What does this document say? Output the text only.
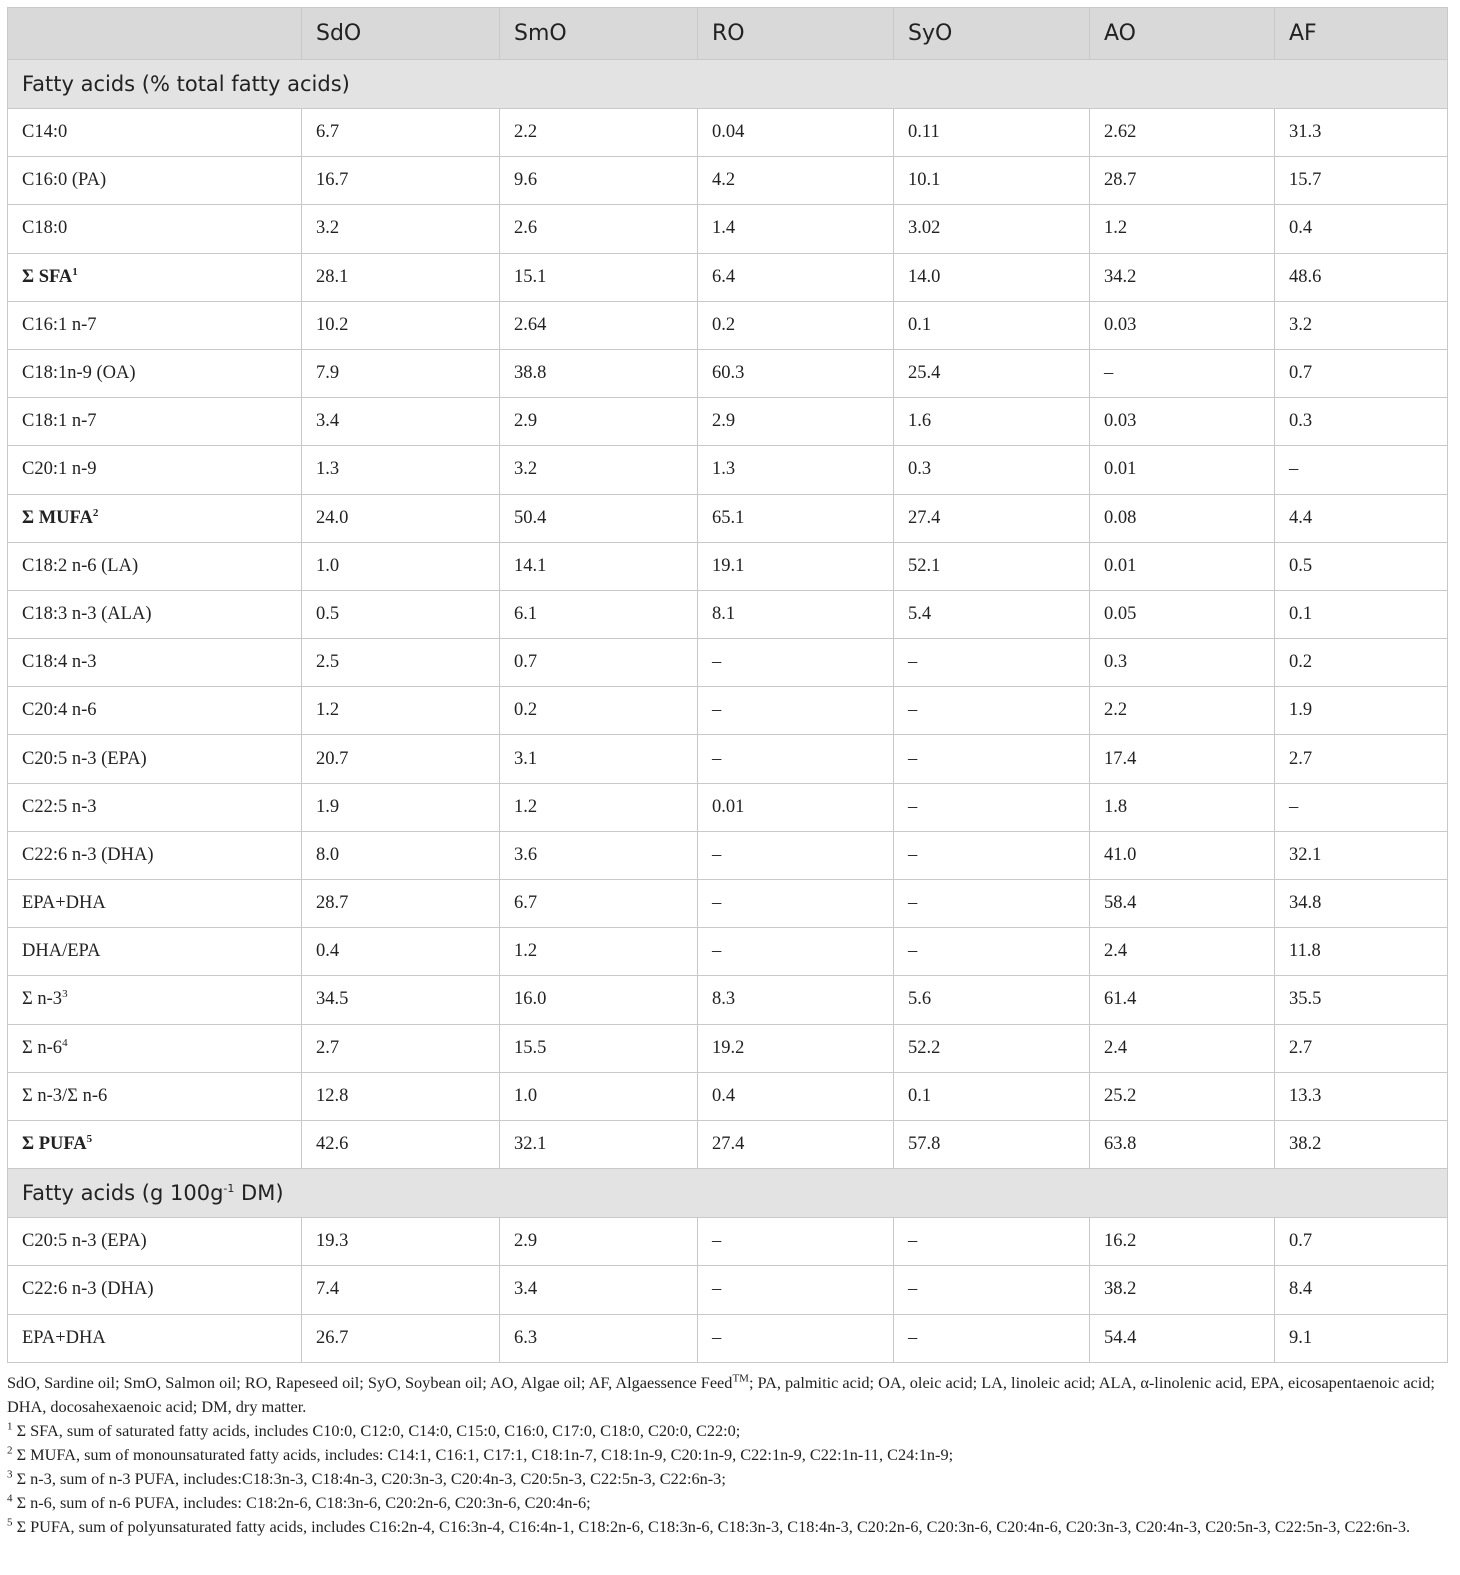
	SdO	SmO	RO	SyO	AO	AF
Fatty acids (% total fatty acids)						
C14:0	6.7	2.2	0.04	0.11	2.62	31.3
C16:0 (PA)	16.7	9.6	4.2	10.1	28.7	15.7
C18:0	3.2	2.6	1.4	3.02	1.2	0.4
Σ SFA$^1$	28.1	15.1	6.4	14.0	34.2	48.6
C16:1 n-7	10.2	2.64	0.2	0.1	0.03	3.2
C18:1n-9 (OA)	7.9	38.8	60.3	25.4	–	0.7
C18:1 n-7	3.4	2.9	2.9	1.6	0.03	0.3
C20:1 n-9	1.3	3.2	1.3	0.3	0.01	–
Σ MUFA$^2$	24.0	50.4	65.1	27.4	0.08	4.4
C18:2 n-6 (LA)	1.0	14.1	19.1	52.1	0.01	0.5
C18:3 n-3 (ALA)	0.5	6.1	8.1	5.4	0.05	0.1
C18:4 n-3	2.5	0.7	–	–	0.3	0.2
C20:4 n-6	1.2	0.2	–	–	2.2	1.9
C20:5 n-3 (EPA)	20.7	3.1	–	–	17.4	2.7
C22:5 n-3	1.9	1.2	0.01	–	1.8	–
C22:6 n-3 (DHA)	8.0	3.6	–	–	41.0	32.1
EPA+DHA	28.7	6.7	–	–	58.4	34.8
DHA/EPA	0.4	1.2	–	–	2.4	11.8
Σ $n-3^3$	34.5	16.0	8.3	5.6	61.4	35.5
Σ $n-6^4$	2.7	15.5	19.2	52.2	2.4	2.7
Σ n-3/Σ n-6	12.8	1.0	0.4	0.1	25.2	13.3
Σ PUFA$^5$	42.6	32.1	27.4	57.8	63.8	38.2
Fatty acids (g $100g^{-1}$ DM)						
C20:5 n-3 (EPA)	19.3	2.9	–	–	16.2	0.7
C22:6 n-3 (DHA)	7.4	3.4	–	–	38.2	8.4
EPA+DHA	26.7	6.3	–	–	54.4	9.1

SdO, Sardine oil; SmO, Salmon oil; RO, Rapeseed oil; SyO, Soybean oil; AO, Algae oil; AF, Algaessence Feed™; PA, palmitic acid; OA, oleic acid; LA, linoleic acid; ALA, α-linolenic acid, EPA, eicosapentaenoic acid; DHA, docosahexaenoic acid; DM, dry matter.

$^1$ Σ SFA, sum of saturated fatty acids, includes C10:0, C12:0, C14:0, C15:0, C16:0, C17:0, C18:0, C20:0, C22:0;

$^2$ Σ MUFA, sum of monounsaturated fatty acids, includes: C14:1, C16:1, C17:1, C18:1n-7, C18:1n-9, C20:1n-9, C22:1n-9, C22:1n-11, C24:1n-9;

$^3$ Σ n-3, sum of n-3 PUFA, includes:C18:3n-3, C18:4n-3, C20:3n-3, C20:4n-3, C20:5n-3, C22:5n-3, C22:6n-3;

$^4$ Σ n-6, sum of n-6 PUFA, includes: C18:2n-6, C18:3n-6, C20:2n-6, C20:3n-6, C20:4n-6;

$^5$ Σ PUFA, sum of polyunsaturated fatty acids, includes C16:2n-4, C16:3n-4, C16:4n-1, C18:2n-6, C18:3n-6, C18:3n-3, C18:4n-3, C20:2n-6, C20:3n-6, C20:4n-6, C20:3n-3, C20:4n-3, C20:5n-3, C22:5n-3, C22:6n-3.
